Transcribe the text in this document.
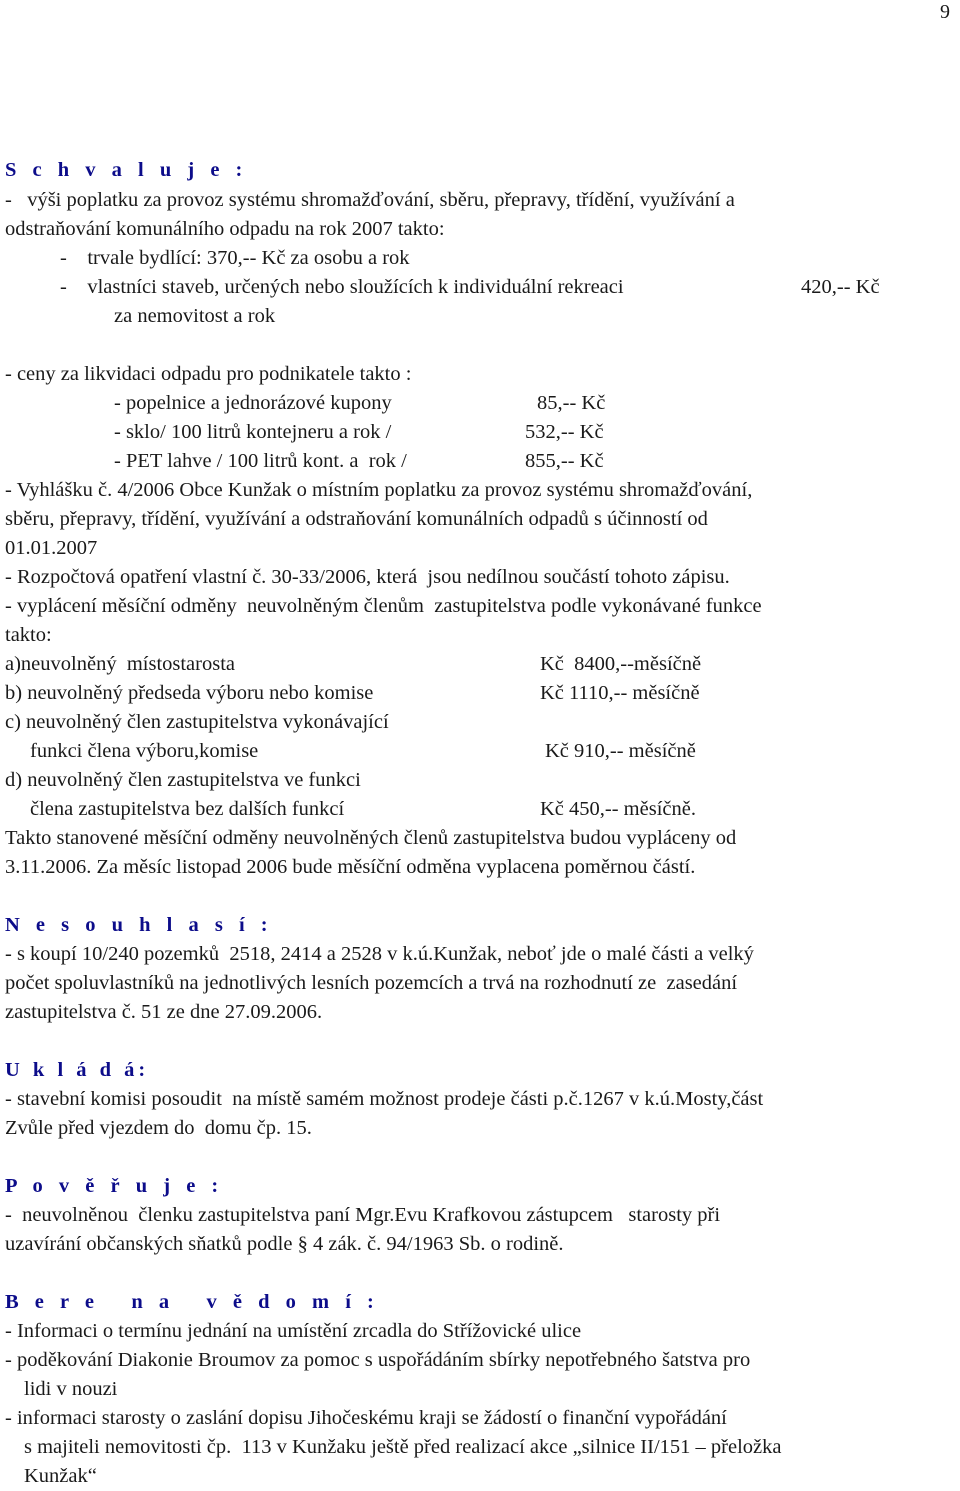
9
S c h v a l u j e :
-   výši poplatku za provoz systému shromažďování, sběru, přepravy, třídění, využívání a
odstraňování komunálního odpadu na rok 2007 takto:
-    trvale bydlící: 370,-- Kč za osobu a rok
-    vlastníci staveb, určených nebo sloužících k individuální rekreaci	420,-- Kč
za nemovitost a rok
- ceny za likvidaci odpadu pro podnikatele takto :
- popelnice a jednorázové kupony	85,-- Kč
- sklo/ 100 litrů kontejneru a rok /	532,-- Kč
- PET lahve / 100 litrů kont. a  rok /	855,-- Kč
- Vyhlášku č. 4/2006 Obce Kunžak o místním poplatku za provoz systému shromažďování,
sběru, přepravy, třídění, využívání a odstraňování komunálních odpadů s účinností od
01.01.2007
- Rozpočtová opatření vlastní č. 30-33/2006, která  jsou nedílnou součástí tohoto zápisu.
- vyplácení měsíční odměny  neuvolněným členům  zastupitelstva podle vykonávané funkce
takto:
a)neuvolněný  místostarosta	Kč  8400,--měsíčně
b) neuvolněný předseda výboru nebo komise	Kč 1110,-- měsíčně
c) neuvolněný člen zastupitelstva vykonávající
funkci člena výboru,komise	Kč 910,-- měsíčně
d) neuvolněný člen zastupitelstva ve funkci
člena zastupitelstva bez dalších funkcí	Kč 450,-- měsíčně.
Takto stanovené měsíční odměny neuvolněných členů zastupitelstva budou vypláceny od
3.11.2006. Za měsíc listopad 2006 bude měsíční odměna vyplacena poměrnou částí.
N e s o u h l a s í :
- s koupí 10/240 pozemků  2518, 2414 a 2528 v k.ú.Kunžak, neboť jde o malé části a velký
počet spoluvlastníků na jednotlivých lesních pozemcích a trvá na rozhodnutí ze  zasedání
zastupitelstva č. 51 ze dne 27.09.2006.
U k l á d á:
- stavební komisi posoudit  na místě samém možnost prodeje části p.č.1267 v k.ú.Mosty,část
Zvůle před vjezdem do  domu čp. 15.
P o v ě ř u j e :
-  neuvolněnou  členku zastupitelstva paní Mgr.Evu Krafkovou zástupcem   starosty při
uzavírání občanských sňatků podle § 4 zák. č. 94/1963 Sb. o rodině.
B e r e   n a   v ě d o m í :
- Informaci o termínu jednání na umístění zrcadla do Střížovické ulice
- poděkování Diakonie Broumov za pomoc s uspořádáním sbírky nepotřebného šatstva pro
lidi v nouzi
- informaci starosty o zaslání dopisu Jihočeskému kraji se žádostí o finanční vypořádání
s majiteli nemovitosti čp.  113 v Kunžaku ještě před realizací akce „silnice II/151 – přeložka
Kunžak“
